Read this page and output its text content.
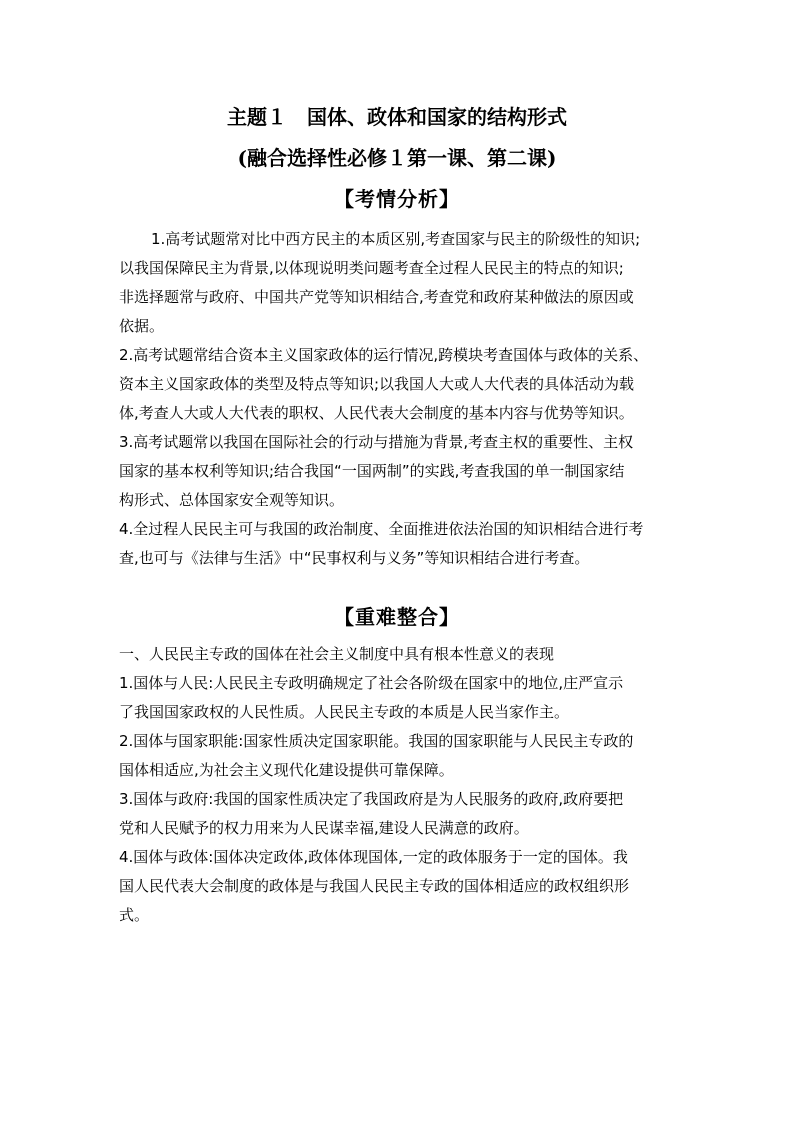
主题１　国体、政体和国家的结构形式
(融合选择性必修１第一课、第二课)
【考情分析】
1.高考试题常对比中西方民主的本质区别,考查国家与民主的阶级性的知识;
以我国保障民主为背景,以体现说明类问题考查全过程人民民主的特点的知识;
非选择题常与政府、中国共产党等知识相结合,考查党和政府某种做法的原因或
依据。
2.高考试题常结合资本主义国家政体的运行情况,跨模块考查国体与政体的关系、
资本主义国家政体的类型及特点等知识;以我国人大或人大代表的具体活动为载
体,考查人大或人大代表的职权、人民代表大会制度的基本内容与优势等知识。
3.高考试题常以我国在国际社会的行动与措施为背景,考查主权的重要性、主权
国家的基本权利等知识;结合我国“一国两制”的实践,考查我国的单一制国家结
构形式、总体国家安全观等知识。
4.全过程人民民主可与我国的政治制度、全面推进依法治国的知识相结合进行考
查,也可与《法律与生活》中“民事权利与义务”等知识相结合进行考查。
【重难整合】
一、人民民主专政的国体在社会主义制度中具有根本性意义的表现
1.国体与人民:人民民主专政明确规定了社会各阶级在国家中的地位,庄严宣示
了我国国家政权的人民性质。人民民主专政的本质是人民当家作主。
2.国体与国家职能:国家性质决定国家职能。我国的国家职能与人民民主专政的
国体相适应,为社会主义现代化建设提供可靠保障。
3.国体与政府:我国的国家性质决定了我国政府是为人民服务的政府,政府要把
党和人民赋予的权力用来为人民谋幸福,建设人民满意的政府。
4.国体与政体:国体决定政体,政体体现国体,一定的政体服务于一定的国体。我
国人民代表大会制度的政体是与我国人民民主专政的国体相适应的政权组织形
式。
